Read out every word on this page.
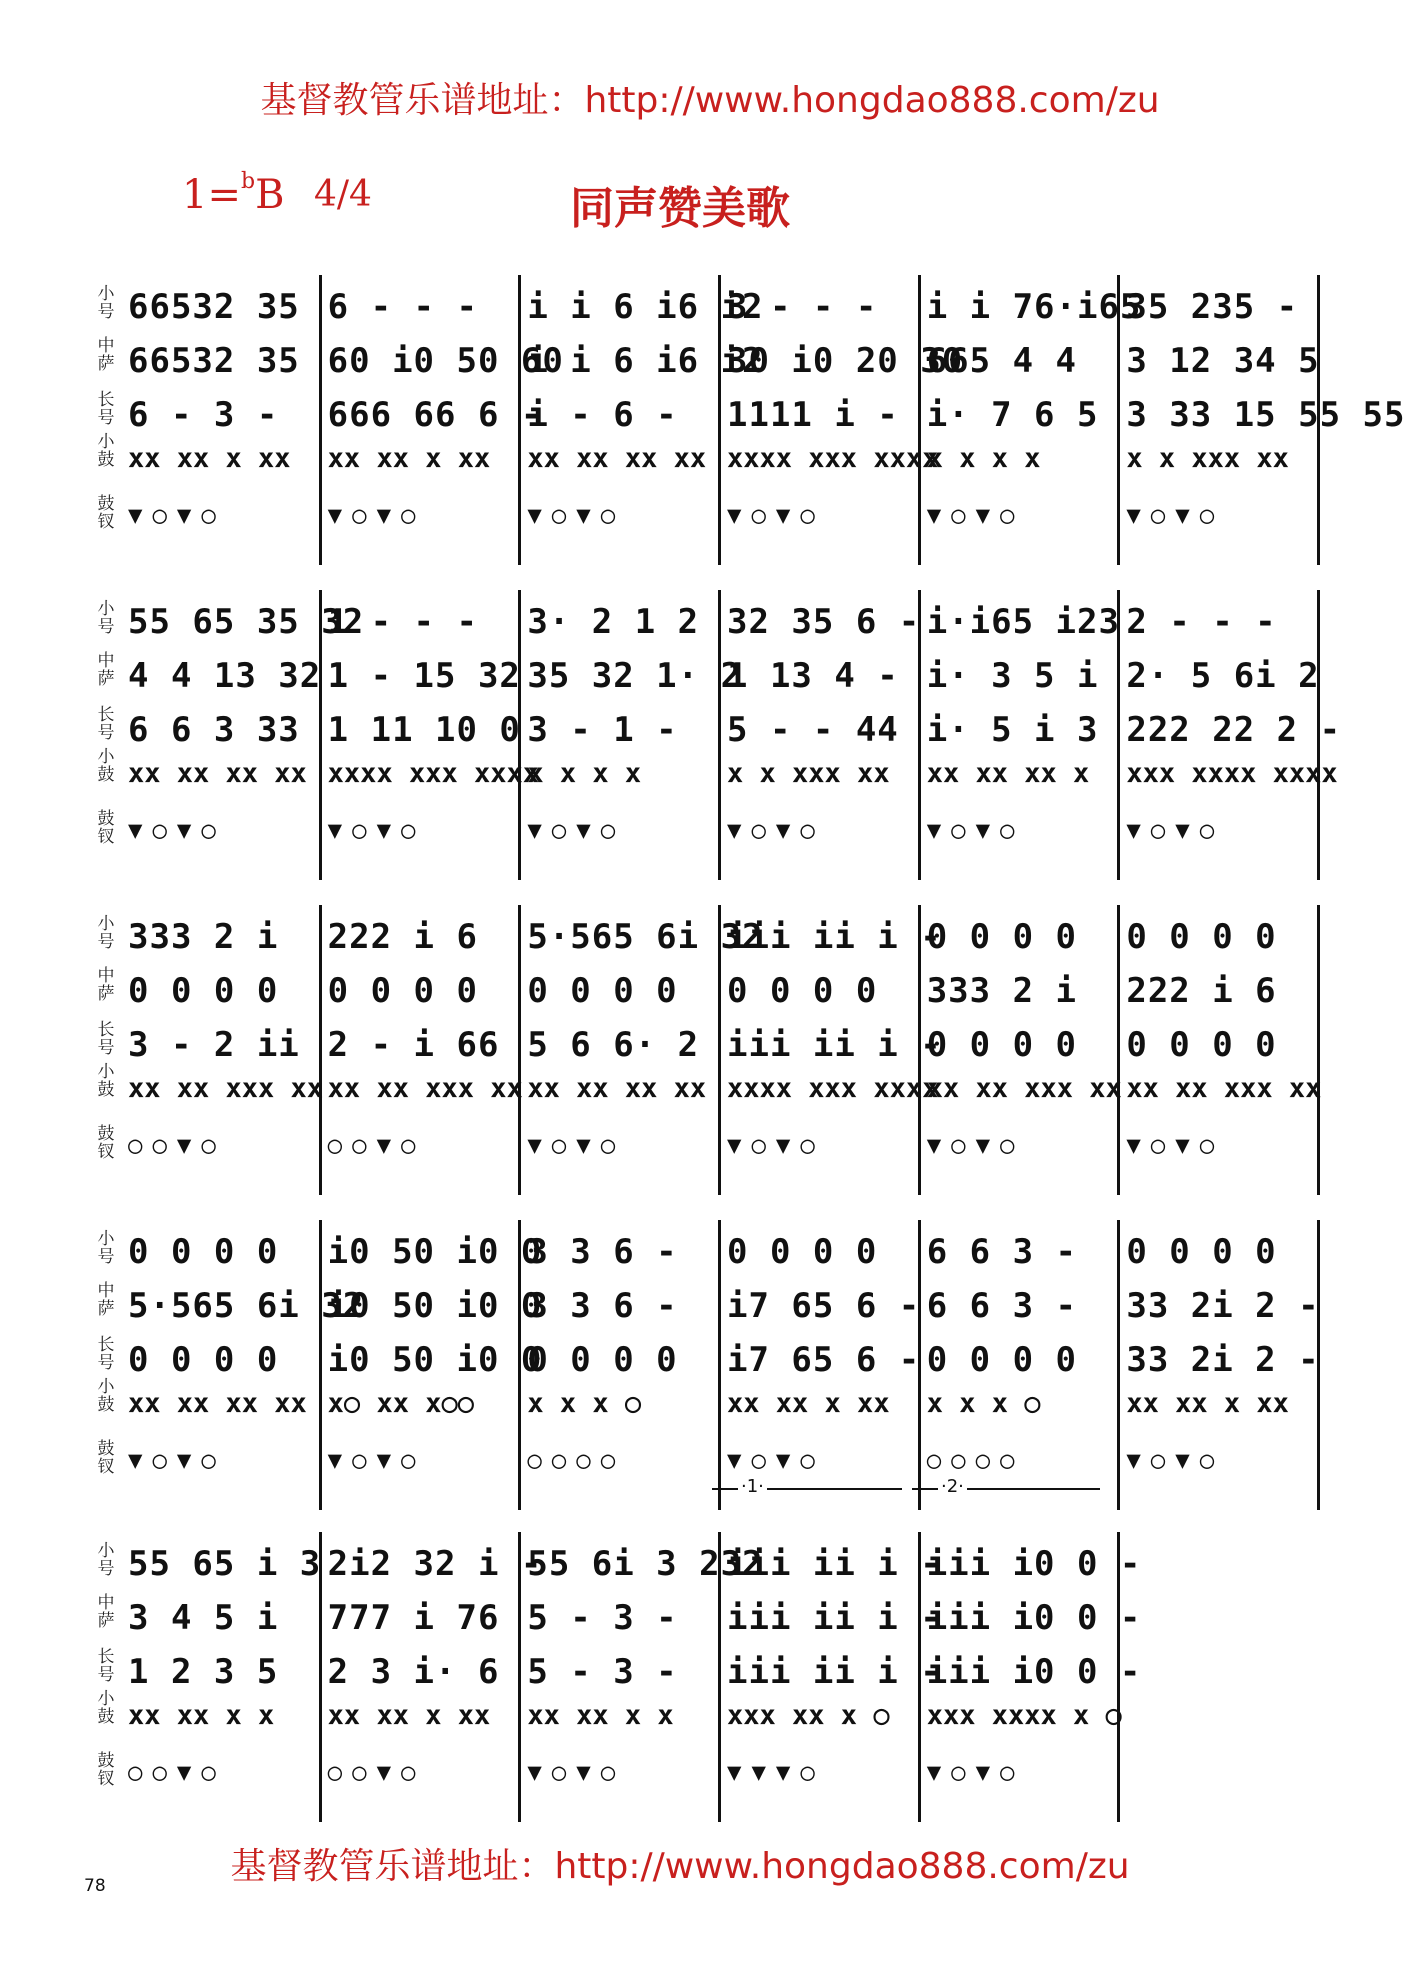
基督教管乐谱地址：http://www.hongdao888.com/zu
1=$^b$B 4/4	同声赞美歌
小号
中萨
长号
小鼓
鼓钗
66532 35
66532 35
6 - 3 -
xx xx x xx
▼○▼○
6 - - -
60 i0 50 60
666 66 6 -
xx xx x xx
▼○▼○
i i 6 i6 i2
i i 6 i6 i2
i - 6 -
xx xx xx xx
▼○▼○
3 - - -
30 i0 20 30
1111 i -
xxxx xxx xxxx
▼○▼○
i i 76·i65
665 4 4
i· 7 6 5
x x x x
▼○▼○
35 235 -
3 12 34 5
3 33 15 55 55
x x xxx xx
▼○▼○
小号
中萨
长号
小鼓
鼓钗
55 65 35 32
4 4 13 32
6 6 3 33
xx xx xx xx
▼○▼○
1 - - -
1 - 15 32
1 11 10 0
xxxx xxx xxxx
▼○▼○
3· 2 1 2
35 32 1· 2
3 - 1 -
x x x x
▼○▼○
32 35 6 -
1 13 4 -
5 - - 44
x x xxx xx
▼○▼○
i·i65 i23
i· 3 5 i
i· 5 i 3
xx xx xx x
▼○▼○
2 - - -
2· 5 6i 2
222 22 2 -
xxx xxxx xxxx
▼○▼○
小号
中萨
长号
小鼓
鼓钗
333 2 i
0 0 0 0
3 - 2 ii
xx xx xxx xx
○○▼○
222 i 6
0 0 0 0
2 - i 66
xx xx xxx xx
○○▼○
5·565 6i 32
0 0 0 0
5 6 6· 2
xx xx xx xx
▼○▼○
iii ii i -
0 0 0 0
iii ii i -
xxxx xxx xxxx
▼○▼○
0 0 0 0
333 2 i
0 0 0 0
xx xx xxx xx
▼○▼○
0 0 0 0
222 i 6
0 0 0 0
xx xx xxx xx
▼○▼○
小号
中萨
长号
小鼓
鼓钗
0 0 0 0
5·565 6i 32
0 0 0 0
xx xx xx xx
▼○▼○
i0 50 i0 0
i0 50 i0 0
i0 50 i0 0
x○ xx x○○
▼○▼○
3 3 6 -
3 3 6 -
0 0 0 0
x x x ○
○○○○
0 0 0 0
i7 65 6 -
i7 65 6 -
xx xx x xx
▼○▼○
6 6 3 -
6 6 3 -
0 0 0 0
x x x ○
○○○○
0 0 0 0
33 2i 2 -
33 2i 2 -
xx xx x xx
▼○▼○
小号
中萨
长号
小鼓
鼓钗
55 65 i 3
3 4 5 i
1 2 3 5
xx xx x x
○○▼○
2i2 32 i -
777 i 76
2 3 i· 6
xx xx x xx
○○▼○
55 6i 3 232
5 - 3 -
5 - 3 -
xx xx x x
▼○▼○
iii ii i -
iii ii i -
iii ii i -
xxx xx x ○
▼▼▼○
iii i0 0 -
iii i0 0 -
iii i0 0 -
xxx xxxx x ○
▼○▼○
·1·	·2·
基督教管乐谱地址：http://www.hongdao888.com/zu
78
